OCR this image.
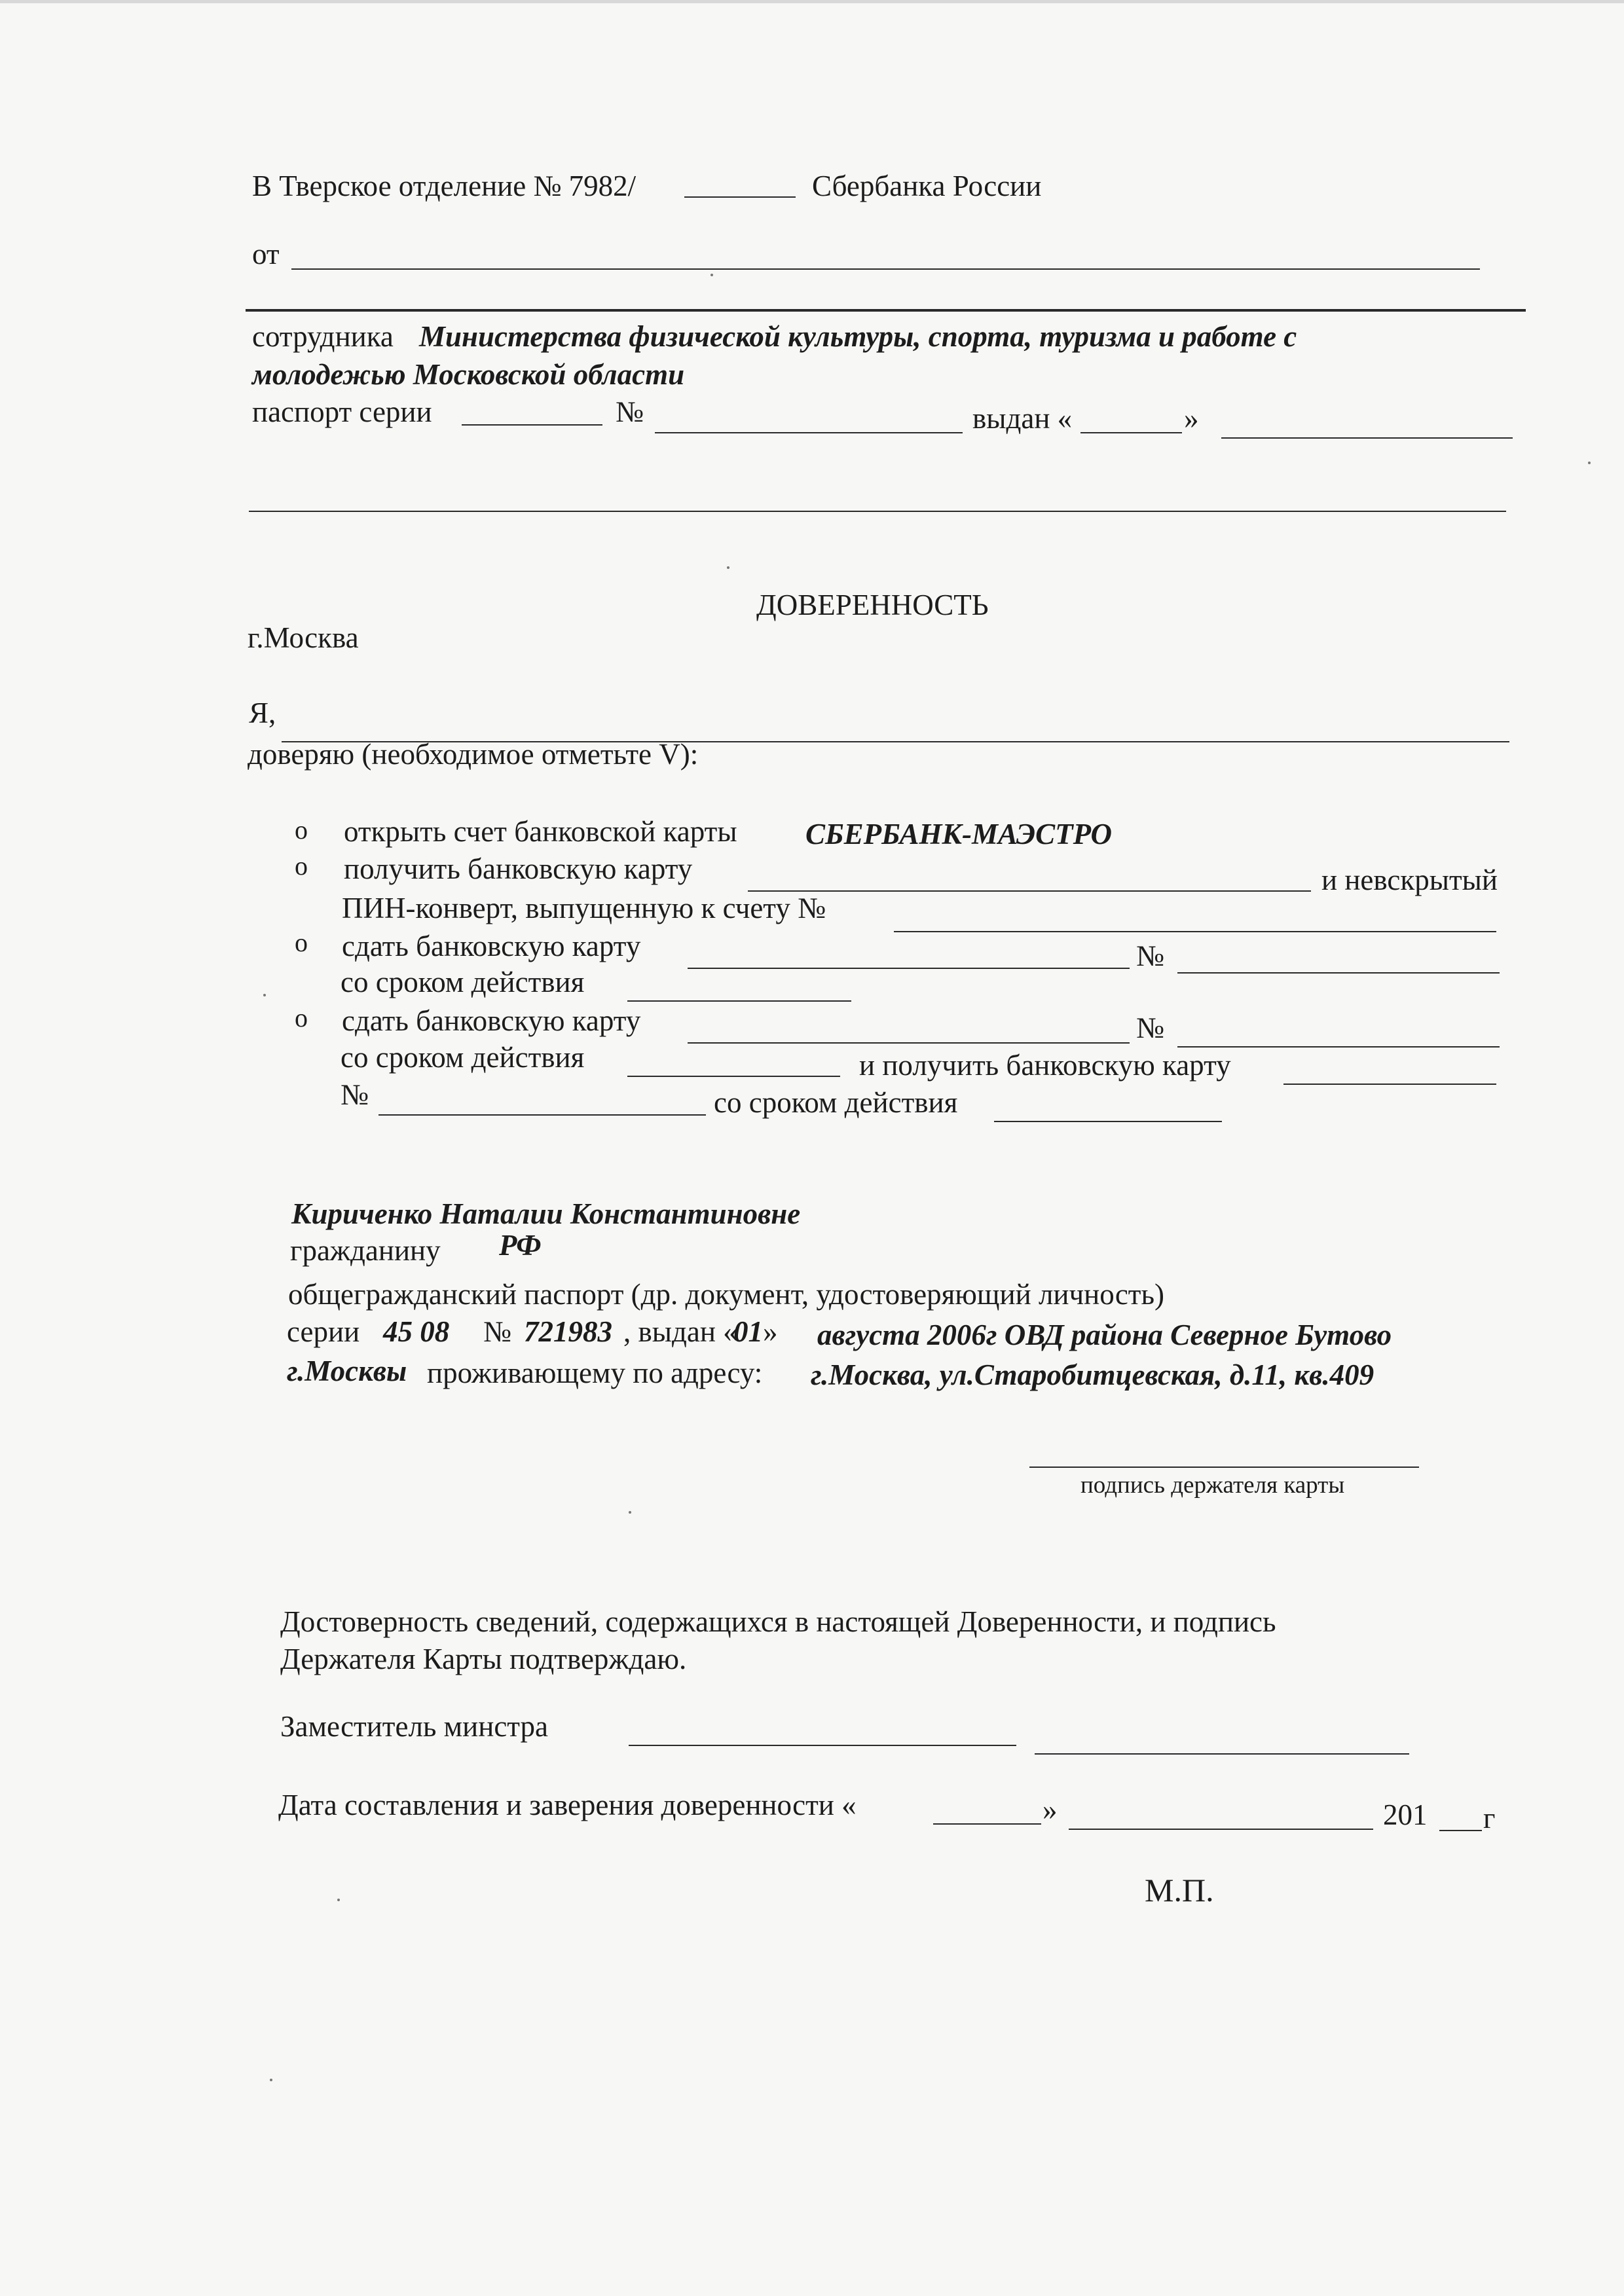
В Тверское отделение № 7982/	Сбербанка России
от
сотрудника Министерства физической культуры, спорта, туризма и работе с
молодежью Московской области
паспорт серии	№	выдан «	»
ДОВЕРЕННОСТЬ
г.Москва
Я,
доверяю (необходимое отметьте V):
o открыть счет банковской карты СБЕРБАНК-МАЭСТРО
o получить банковскую карту	и невскрытый
ПИН-конверт, выпущенную к счету №
o сдать банковскую карту	№
со сроком действия
o сдать банковскую карту	№
со сроком действия	и получить банковскую карту
№	со сроком действия
Кириченко Наталии Константиновне
гражданину РФ
общегражданский паспорт (др. документ, удостоверяющий личность)
серии 45 08 № 721983 , выдан «
01 » августа 2006г ОВД района Северное Бутово
г.Москвы проживающему по адресу: г.Москва, ул.Старобитцевская, д.11, кв.409
подпись держателя карты
Достоверность сведений, содержащихся в настоящей Доверенности, и подпись
Держателя Карты подтверждаю.
Заместитель минстра
Дата составления и заверения доверенности «	»	201 г
М.П.
